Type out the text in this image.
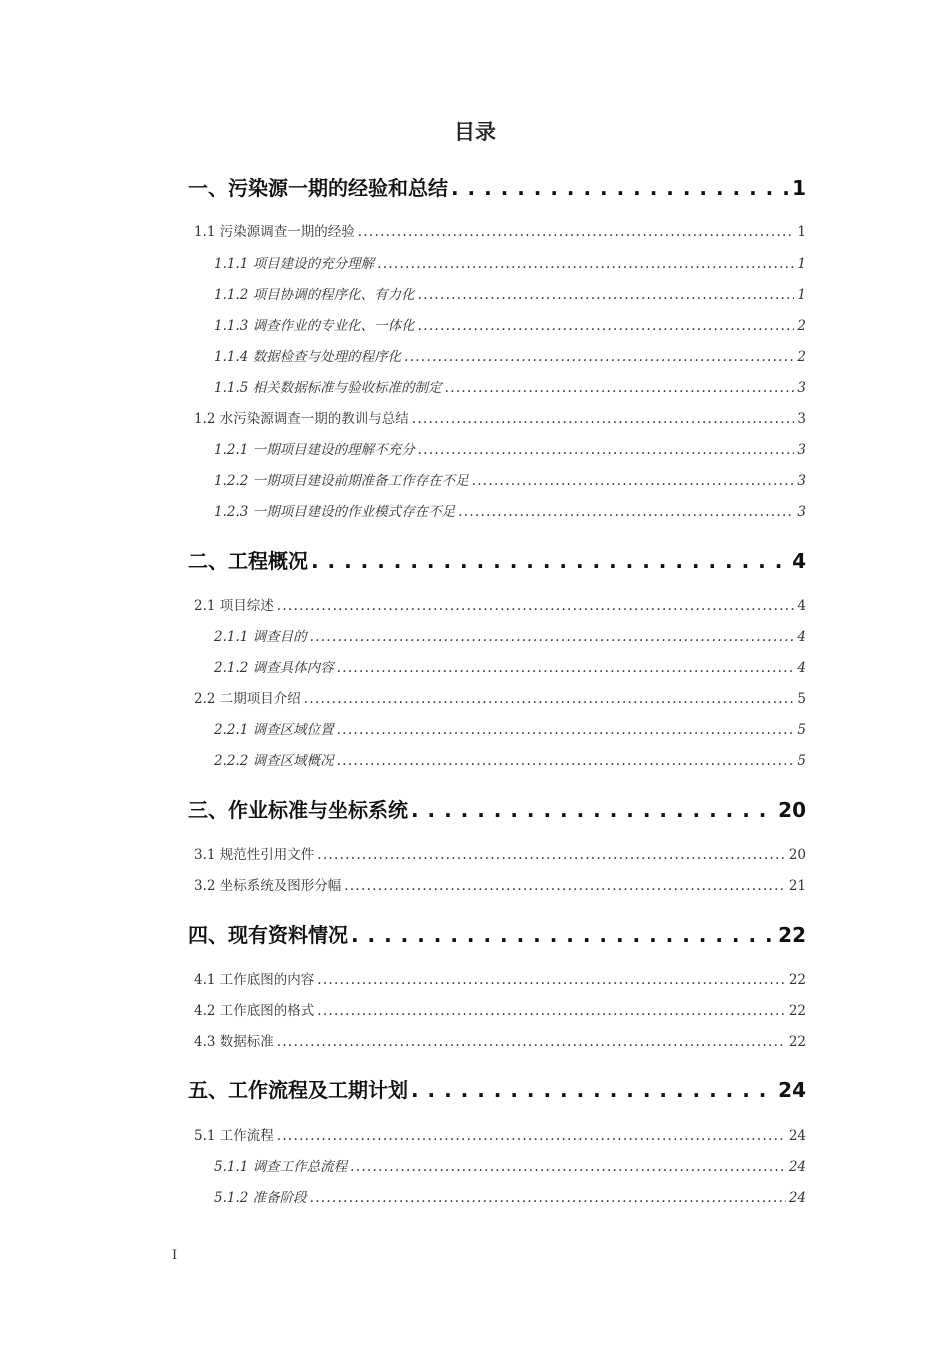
目录
一、污染源一期的经验和总结 . . .	1
1.1 污染源调查一期的经验 . . .	1
1.1.1 项目建设的充分理解 . . .	1
1.1.2 项目协调的程序化、有力化 . . .	1
1.1.3 调查作业的专业化、一体化 . . .	2
1.1.4 数据检查与处理的程序化 . . .	2
1.1.5 相关数据标准与验收标准的制定 . . .	3
1.2 水污染源调查一期的教训与总结 . . .	3
1.2.1 一期项目建设的理解不充分 . . .	3
1.2.2 一期项目建设前期准备工作存在不足 . . .	3
1.2.3 一期项目建设的作业模式存在不足 . . .	3
二、工程概况 . . .	4
2.1 项目综述 . . .	4
2.1.1 调查目的 . . .	4
2.1.2 调查具体内容 . . .	4
2.2 二期项目介绍 . . .	5
2.2.1 调查区域位置 . . .	5
2.2.2 调查区域概况 . . .	5
三、作业标准与坐标系统 . . .	20
3.1 规范性引用文件 . . .	20
3.2 坐标系统及图形分幅 . . .	21
四、现有资料情况 . . .	22
4.1 工作底图的内容 . . .	22
4.2 工作底图的格式 . . .	22
4.3 数据标准 . . .	22
五、工作流程及工期计划 . . .	24
5.1 工作流程 . . .	24
5.1.1 调查工作总流程 . . .	24
5.1.2 准备阶段 . . .	24
I
